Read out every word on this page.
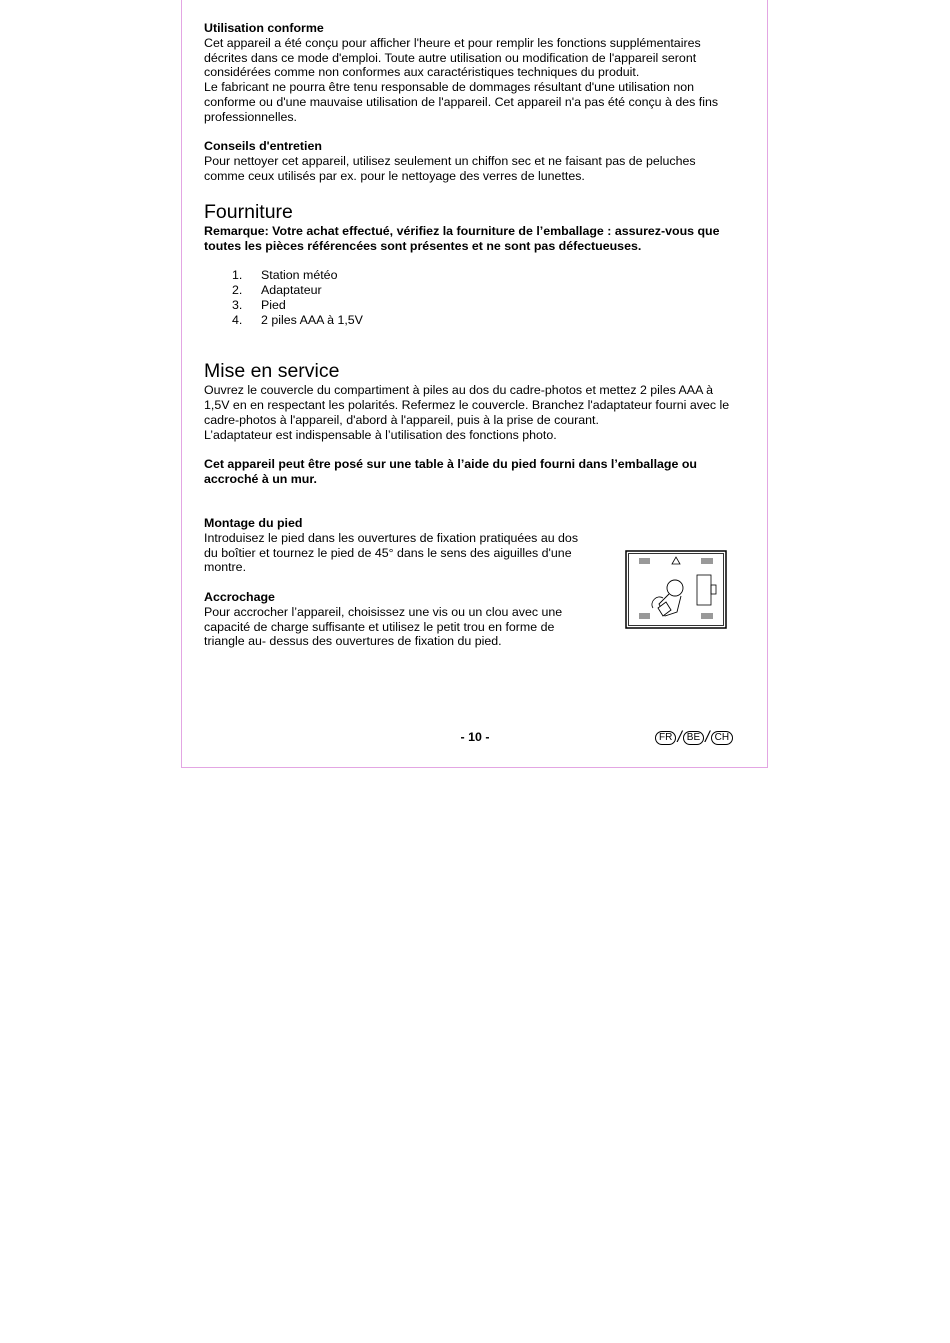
Utilisation conforme

Cet appareil a été conçu pour afficher l'heure et pour remplir les fonctions supplémentaires

décrites dans ce mode d'emploi. Toute autre utilisation ou modification de l'appareil seront

considérées comme non conformes aux caractéristiques techniques du produit.

Le fabricant ne pourra être tenu responsable de dommages résultant d'une utilisation non

conforme ou d'une mauvaise utilisation de l'appareil. Cet appareil n'a pas été conçu à des fins

professionnelles.

Conseils d'entretien

Pour nettoyer cet appareil, utilisez seulement un chiffon sec et ne faisant pas de peluches

comme ceux utilisés par ex. pour le nettoyage des verres de lunettes.

Fourniture

Remarque: Votre achat effectué, vérifiez la fourniture de l’emballage : assurez-vous que

toutes les pièces référencées sont présentes et ne sont pas défectueuses.

1.	Station météo
2.	Adaptateur
3.	Pied
4.	2 piles AAA à 1,5V
Mise en service

Ouvrez le couvercle du compartiment à piles au dos du cadre-photos et mettez 2 piles AAA à

1,5V en en respectant les polarités. Refermez le couvercle. Branchez l'adaptateur fourni avec le

cadre-photos à l'appareil, d'abord à l'appareil, puis à la prise de courant.

L’adaptateur est indispensable à l’utilisation des fonctions photo.

Cet appareil peut être posé sur une table à l’aide du pied fourni dans l’emballage ou

accroché à un mur.

Montage du pied

Introduisez le pied dans les ouvertures de fixation pratiquées au dos

du boîtier et tournez le pied de 45° dans le sens des aiguilles d'une

montre.

Accrochage

Pour accrocher l’appareil, choisissez une vis ou un clou avec une

capacité de charge suffisante et utilisez le petit trou en forme de

triangle au- dessus des ouvertures de fixation du pied.

- 10 -	FR / BE / CH
